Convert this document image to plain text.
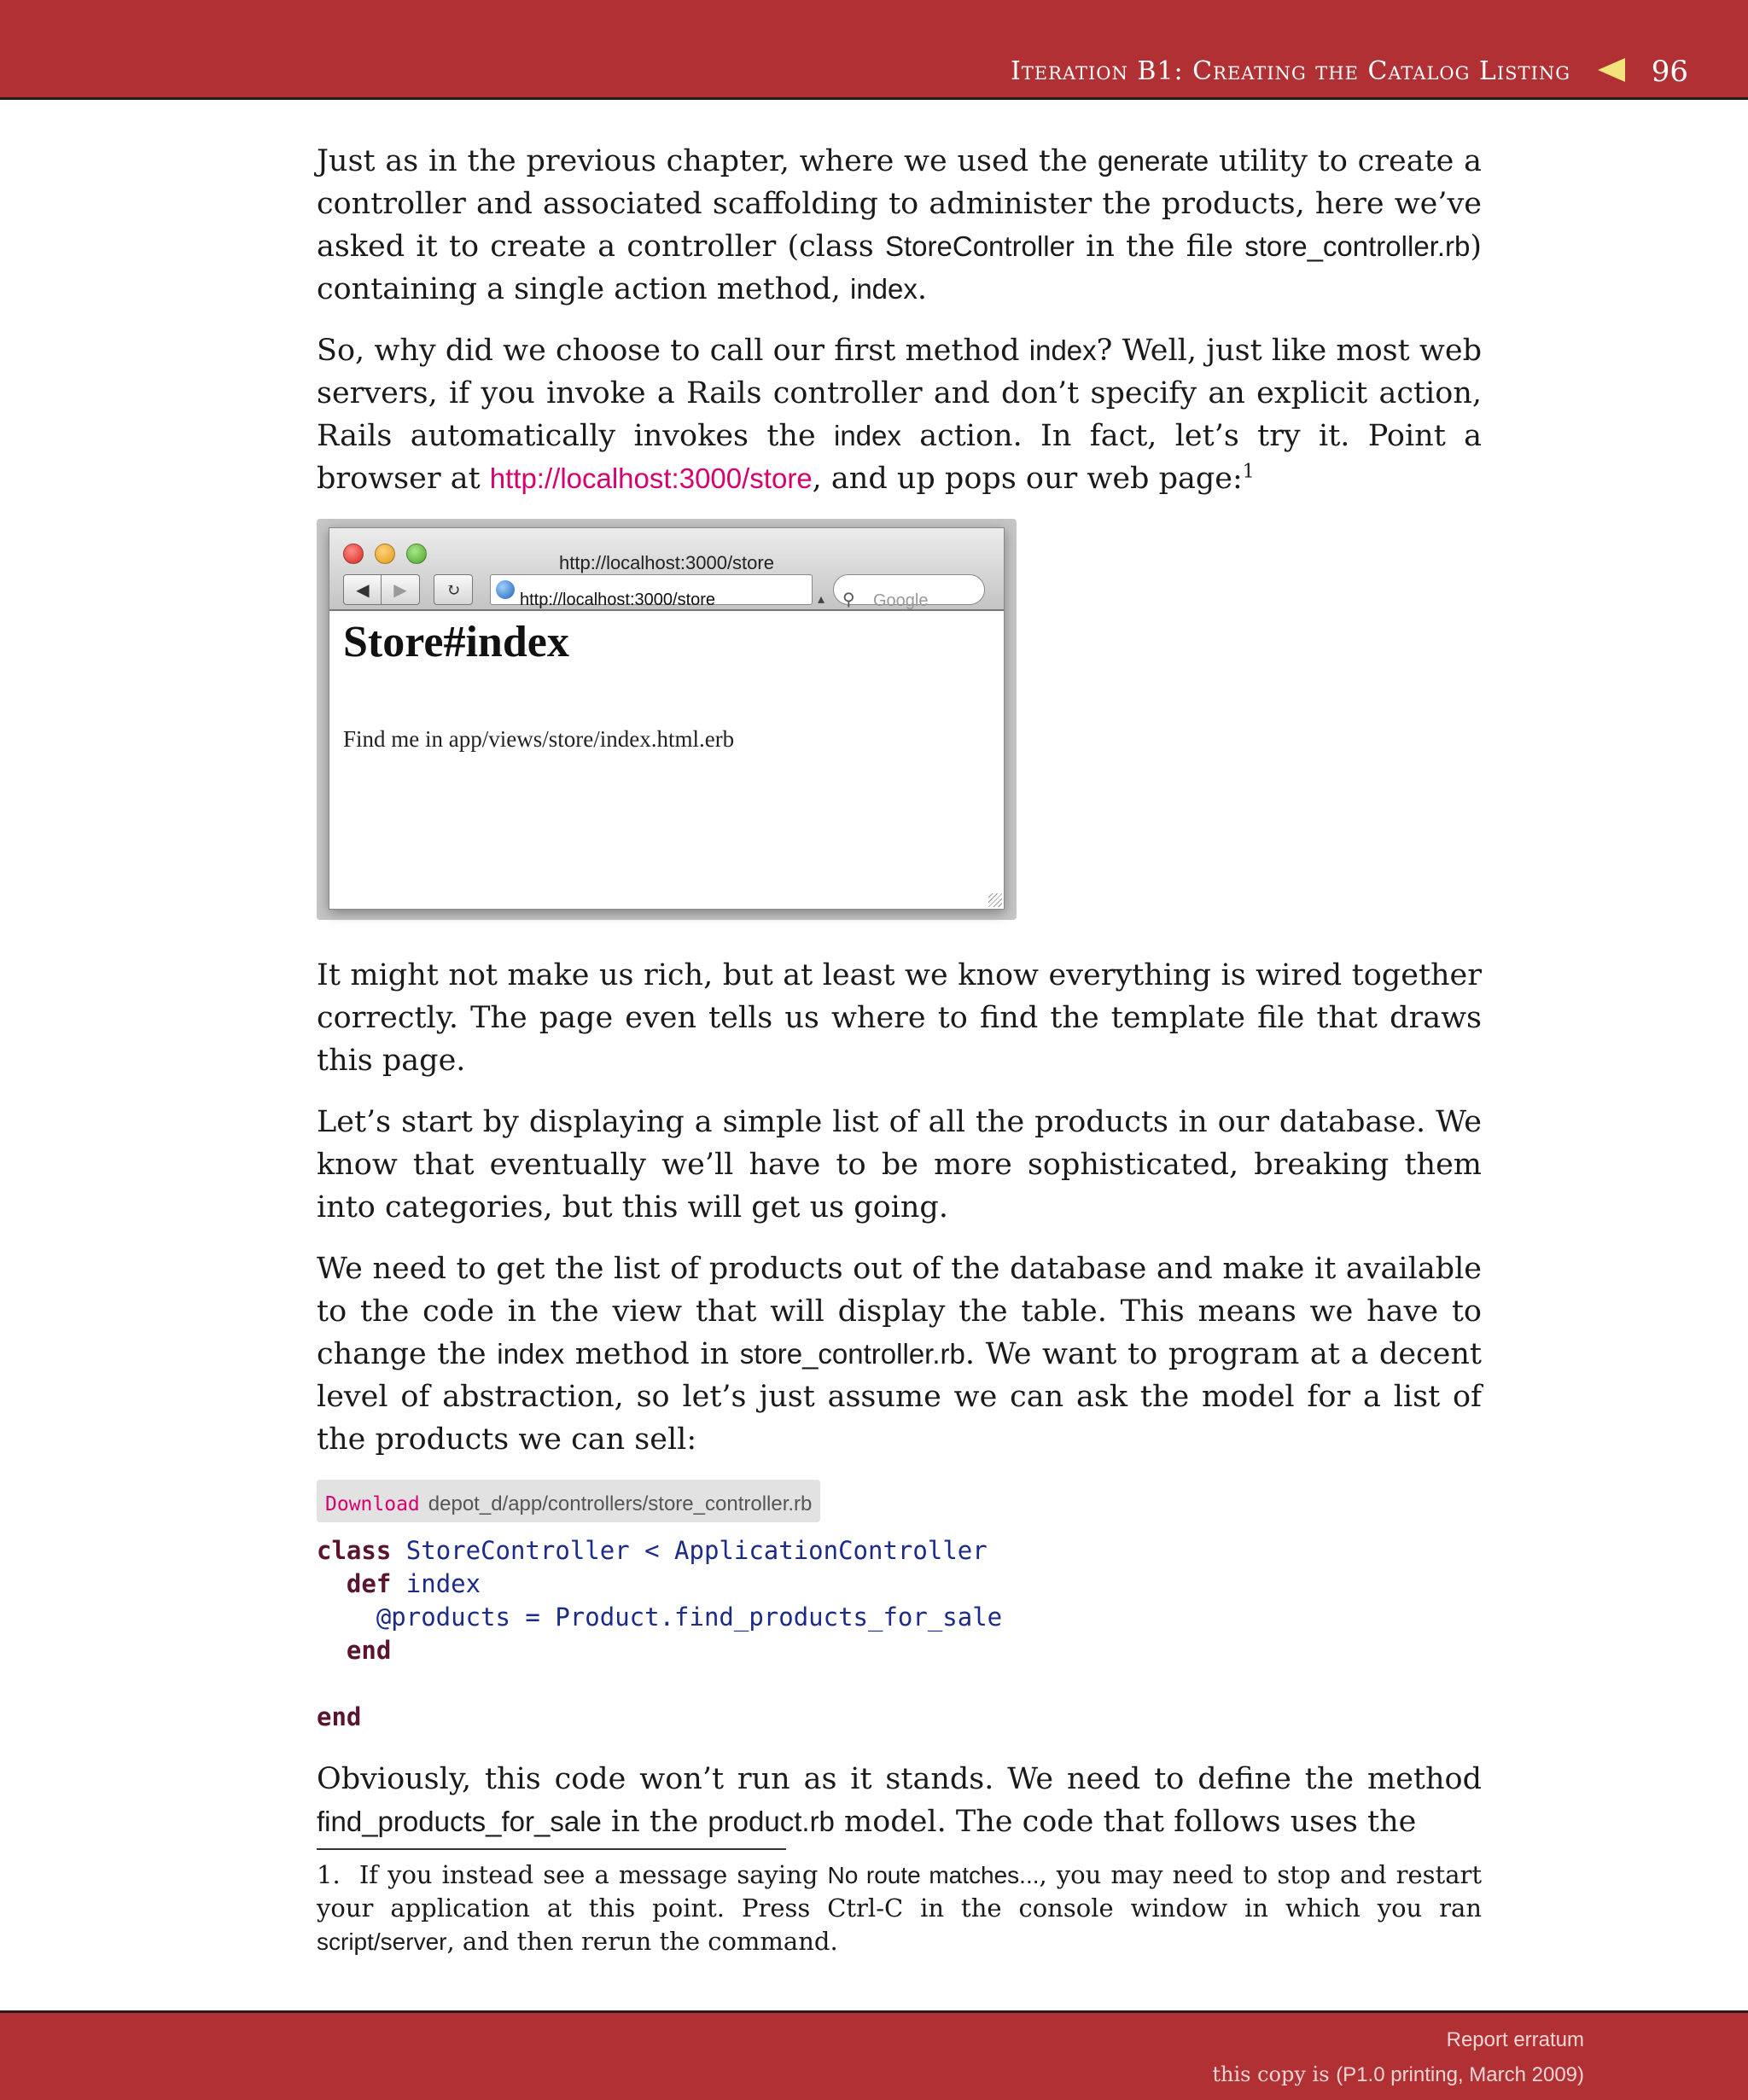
Iteration B1: Creating the Catalog Listing	96

Just as in the previous chapter, where we used the generate utility to create a controller and associated scaffolding to administer the products, here we’ve asked it to create a controller (class StoreController in the file store_controller.rb) containing a single action method, index.

So, why did we choose to call our first method index? Well, just like most web servers, if you invoke a Rails controller and don’t specify an explicit action, Rails automatically invokes the index action. In fact, let’s try it. Point a browser at http://localhost:3000/store, and up pops our web page:$^1$

http://localhost:3000/store
◀	▶	↻	http://localhost:3000/store	▴ ⚲ Google
Store#index
Find me in app/views/store/index.html.erb

It might not make us rich, but at least we know everything is wired together correctly. The page even tells us where to find the template file that draws this page.

Let’s start by displaying a simple list of all the products in our database. We know that eventually we’ll have to be more sophisticated, breaking them into categories, but this will get us going.

We need to get the list of products out of the database and make it available to the code in the view that will display the table. This means we have to change the index method in store_controller.rb. We want to program at a decent level of abstraction, so let’s just assume we can ask the model for a list of the products we can sell:

Download depot_d/app/controllers/store_controller.rb
class StoreController < ApplicationController
def index
@products = Product.find_products_for_sale
end

end

Obviously, this code won’t run as it stands. We need to define the method find_products_for_sale in the product.rb model. The code that follows uses the

1. If you instead see a message saying No route matches..., you may need to stop and restart your application at this point. Press Ctrl-C in the console window in which you ran script/server, and then rerun the command.
Report erratum
this copy is (P1.0 printing, March 2009)
